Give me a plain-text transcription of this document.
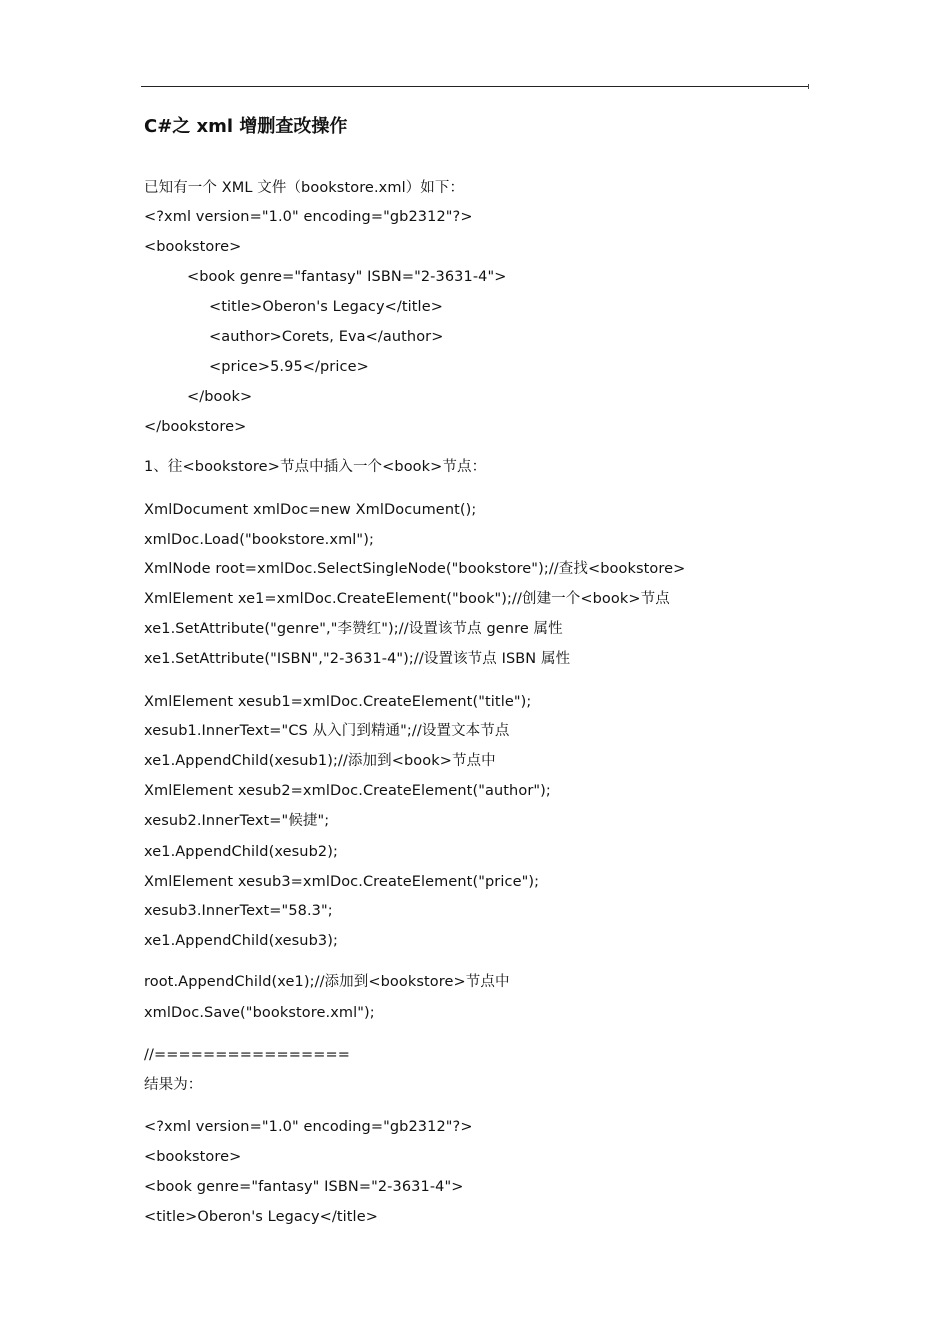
C#之 xml 增删查改操作
已知有一个 XML 文件（bookstore.xml）如下：
<?xml version="1.0" encoding="gb2312"?>
<bookstore>
<book genre="fantasy" ISBN="2-3631-4">
<title>Oberon's Legacy</title>
<author>Corets, Eva</author>
<price>5.95</price>
</book>
</bookstore>
1、往<bookstore>节点中插入一个<book>节点：
XmlDocument xmlDoc=new XmlDocument();
xmlDoc.Load("bookstore.xml");
XmlNode root=xmlDoc.SelectSingleNode("bookstore");//查找<bookstore>
XmlElement xe1=xmlDoc.CreateElement("book");//创建一个<book>节点
xe1.SetAttribute("genre","李赞红");//设置该节点 genre 属性
xe1.SetAttribute("ISBN","2-3631-4");//设置该节点 ISBN 属性
XmlElement xesub1=xmlDoc.CreateElement("title");
xesub1.InnerText="CS 从入门到精通";//设置文本节点
xe1.AppendChild(xesub1);//添加到<book>节点中
XmlElement xesub2=xmlDoc.CreateElement("author");
xesub2.InnerText="候捷";
xe1.AppendChild(xesub2);
XmlElement xesub3=xmlDoc.CreateElement("price");
xesub3.InnerText="58.3";
xe1.AppendChild(xesub3);
root.AppendChild(xe1);//添加到<bookstore>节点中
xmlDoc.Save("bookstore.xml");
//================
结果为：
<?xml version="1.0" encoding="gb2312"?>
<bookstore>
<book genre="fantasy" ISBN="2-3631-4">
<title>Oberon's Legacy</title>
